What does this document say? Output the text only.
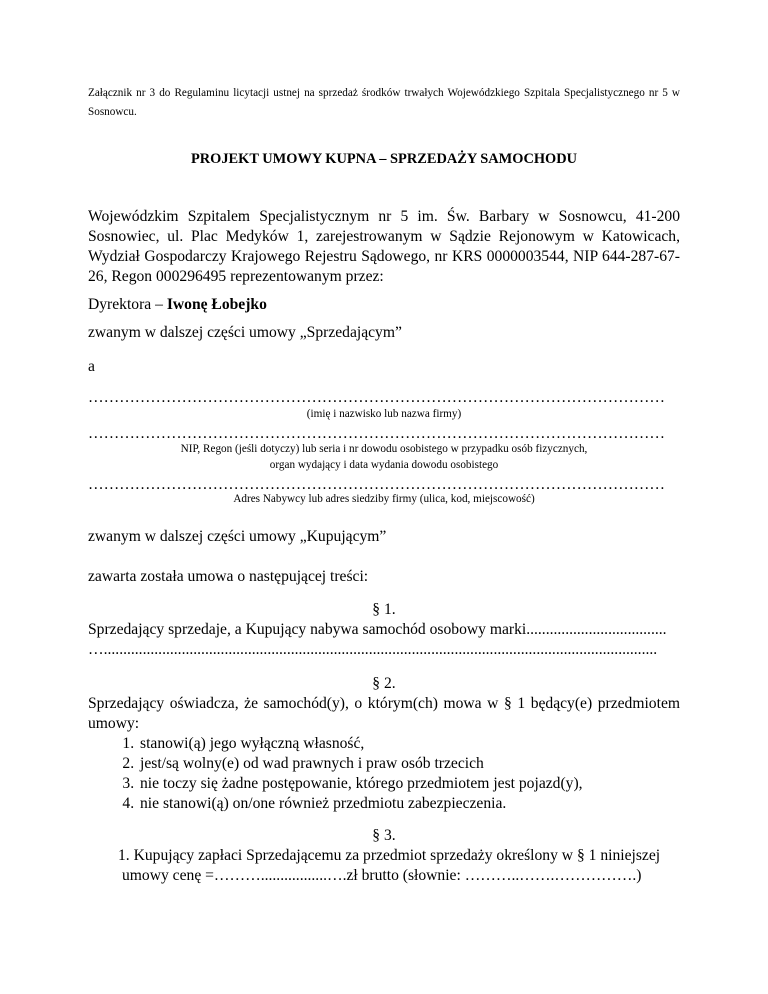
Załącznik nr 3 do Regulaminu licytacji ustnej na sprzedaż środków trwałych Wojewódzkiego Szpitala Specjalistycznego nr 5 w Sosnowcu.
PROJEKT UMOWY KUPNA – SPRZEDAŻY SAMOCHODU
Wojewódzkim Szpitalem Specjalistycznym nr 5 im. Św. Barbary w Sosnowcu, 41-200 Sosnowiec, ul. Plac Medyków 1, zarejestrowanym w Sądzie Rejonowym w Katowicach, Wydział Gospodarczy Krajowego Rejestru Sądowego, nr KRS 0000003544, NIP 644-287-67-26, Regon 000296495 reprezentowanym przez:
Dyrektora – Iwonę Łobejko
zwanym w dalszej części umowy „Sprzedającym”
a
…………………………………………………………………………………………………
(imię i nazwisko lub nazwa firmy)
…………………………………………………………………………………………………
NIP, Regon (jeśli dotyczy) lub seria i nr dowodu osobistego w przypadku osób fizycznych,
organ wydający i data wydania dowodu osobistego
…………………………………………………………………………………………………
Adres Nabywcy lub adres siedziby firmy (ulica, kod, miejscowość)
zwanym w dalszej części umowy „Kupującym”
zawarta została umowa o następującej treści:
§ 1.
Sprzedający sprzedaje, a Kupujący nabywa samochód osobowy marki....................................
…..............................................................................................................................................
§ 2.
Sprzedający oświadcza, że samochód(y), o którym(ch) mowa w § 1 będący(e) przedmiotem umowy:
1. stanowi(ą) jego wyłączną własność,
2. jest/są wolny(e) od wad prawnych i praw osób trzecich
3. nie toczy się żadne postępowanie, którego przedmiotem jest pojazd(y),
4. nie stanowi(ą) on/one również przedmiotu zabezpieczenia.
§ 3.
1. Kupujący zapłaci Sprzedającemu za przedmiot sprzedaży określony w § 1 niniejszej
umowy cenę =……….................….zł brutto (słownie: ………..…….…………….)
